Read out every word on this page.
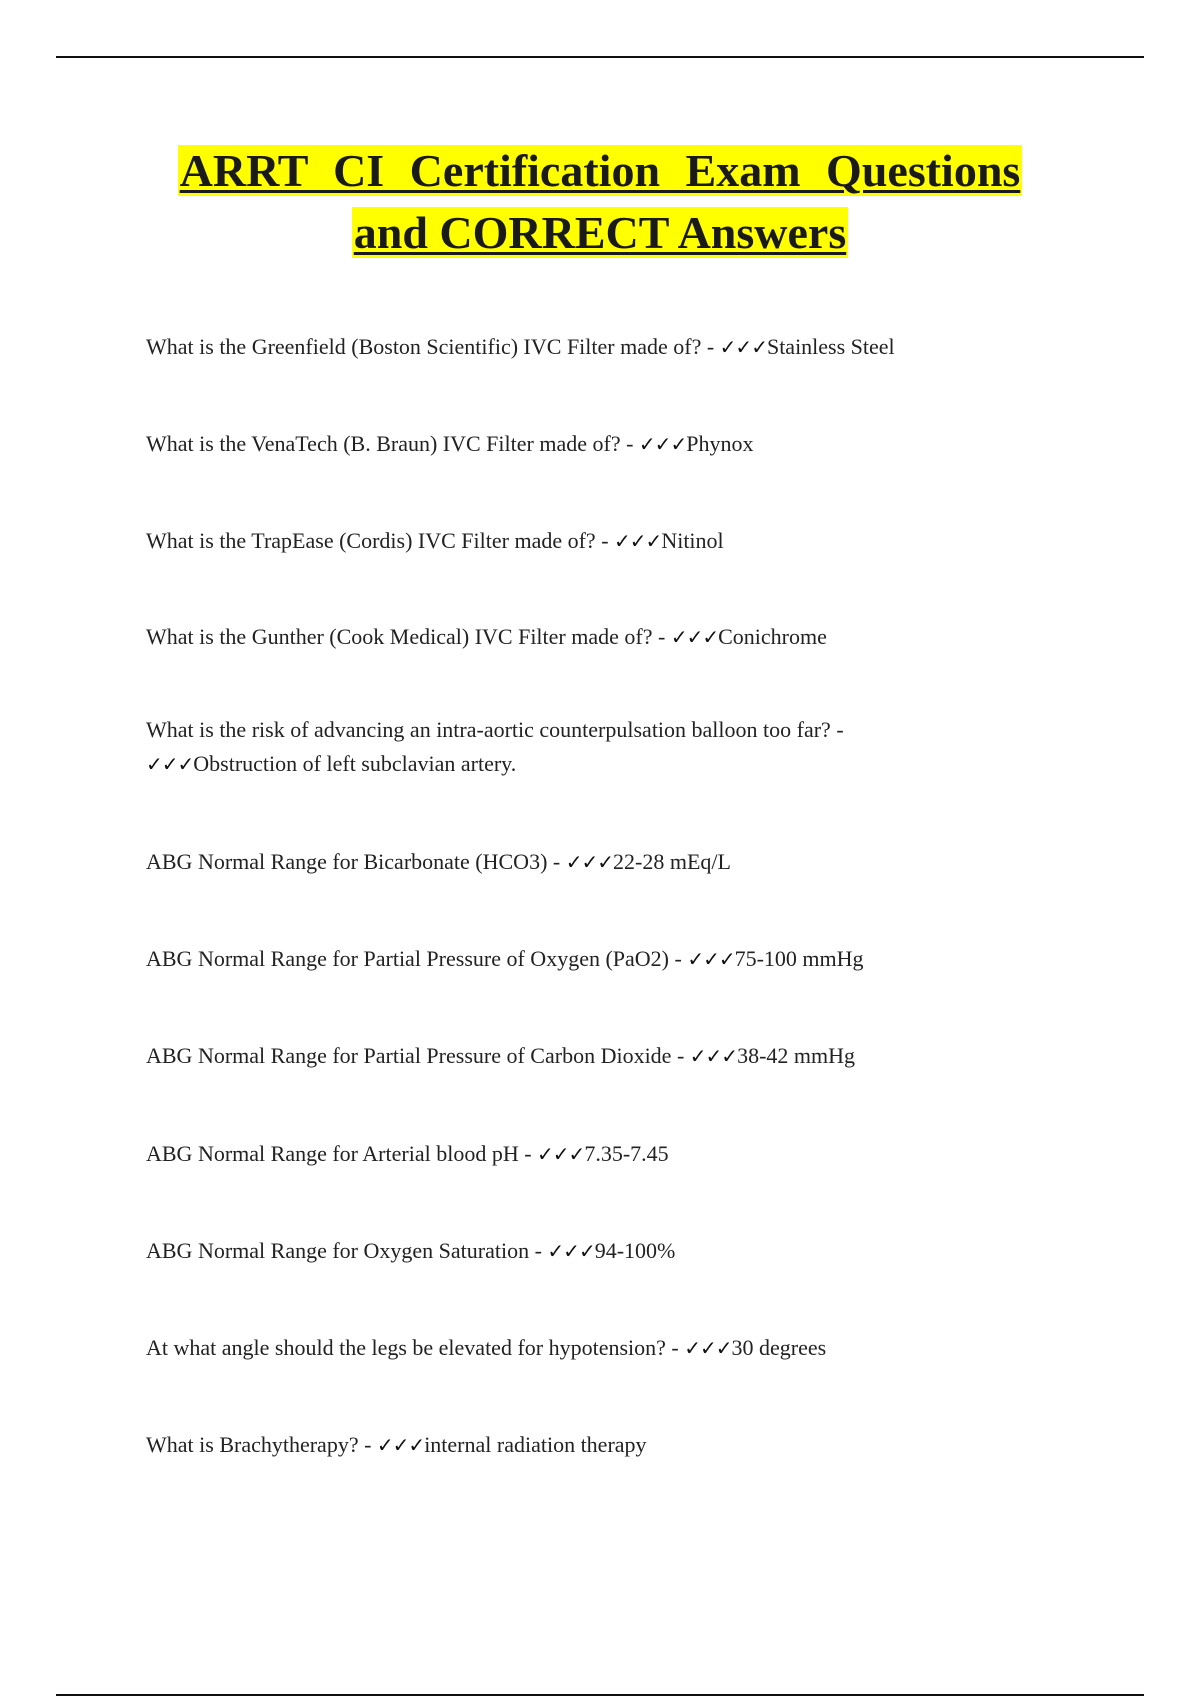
ARRT CI Certification Exam Questions
and CORRECT Answers
What is the Greenfield (Boston Scientific) IVC Filter made of? - ✓✓✓Stainless Steel
What is the VenaTech (B. Braun) IVC Filter made of? - ✓✓✓Phynox
What is the TrapEase (Cordis) IVC Filter made of? - ✓✓✓Nitinol
What is the Gunther (Cook Medical) IVC Filter made of? - ✓✓✓Conichrome
What is the risk of advancing an intra-aortic counterpulsation balloon too far? -
✓✓✓Obstruction of left subclavian artery.
ABG Normal Range for Bicarbonate (HCO3) - ✓✓✓22-28 mEq/L
ABG Normal Range for Partial Pressure of Oxygen (PaO2) - ✓✓✓75-100 mmHg
ABG Normal Range for Partial Pressure of Carbon Dioxide - ✓✓✓38-42 mmHg
ABG Normal Range for Arterial blood pH - ✓✓✓7.35-7.45
ABG Normal Range for Oxygen Saturation - ✓✓✓94-100%
At what angle should the legs be elevated for hypotension? - ✓✓✓30 degrees
What is Brachytherapy? - ✓✓✓internal radiation therapy
